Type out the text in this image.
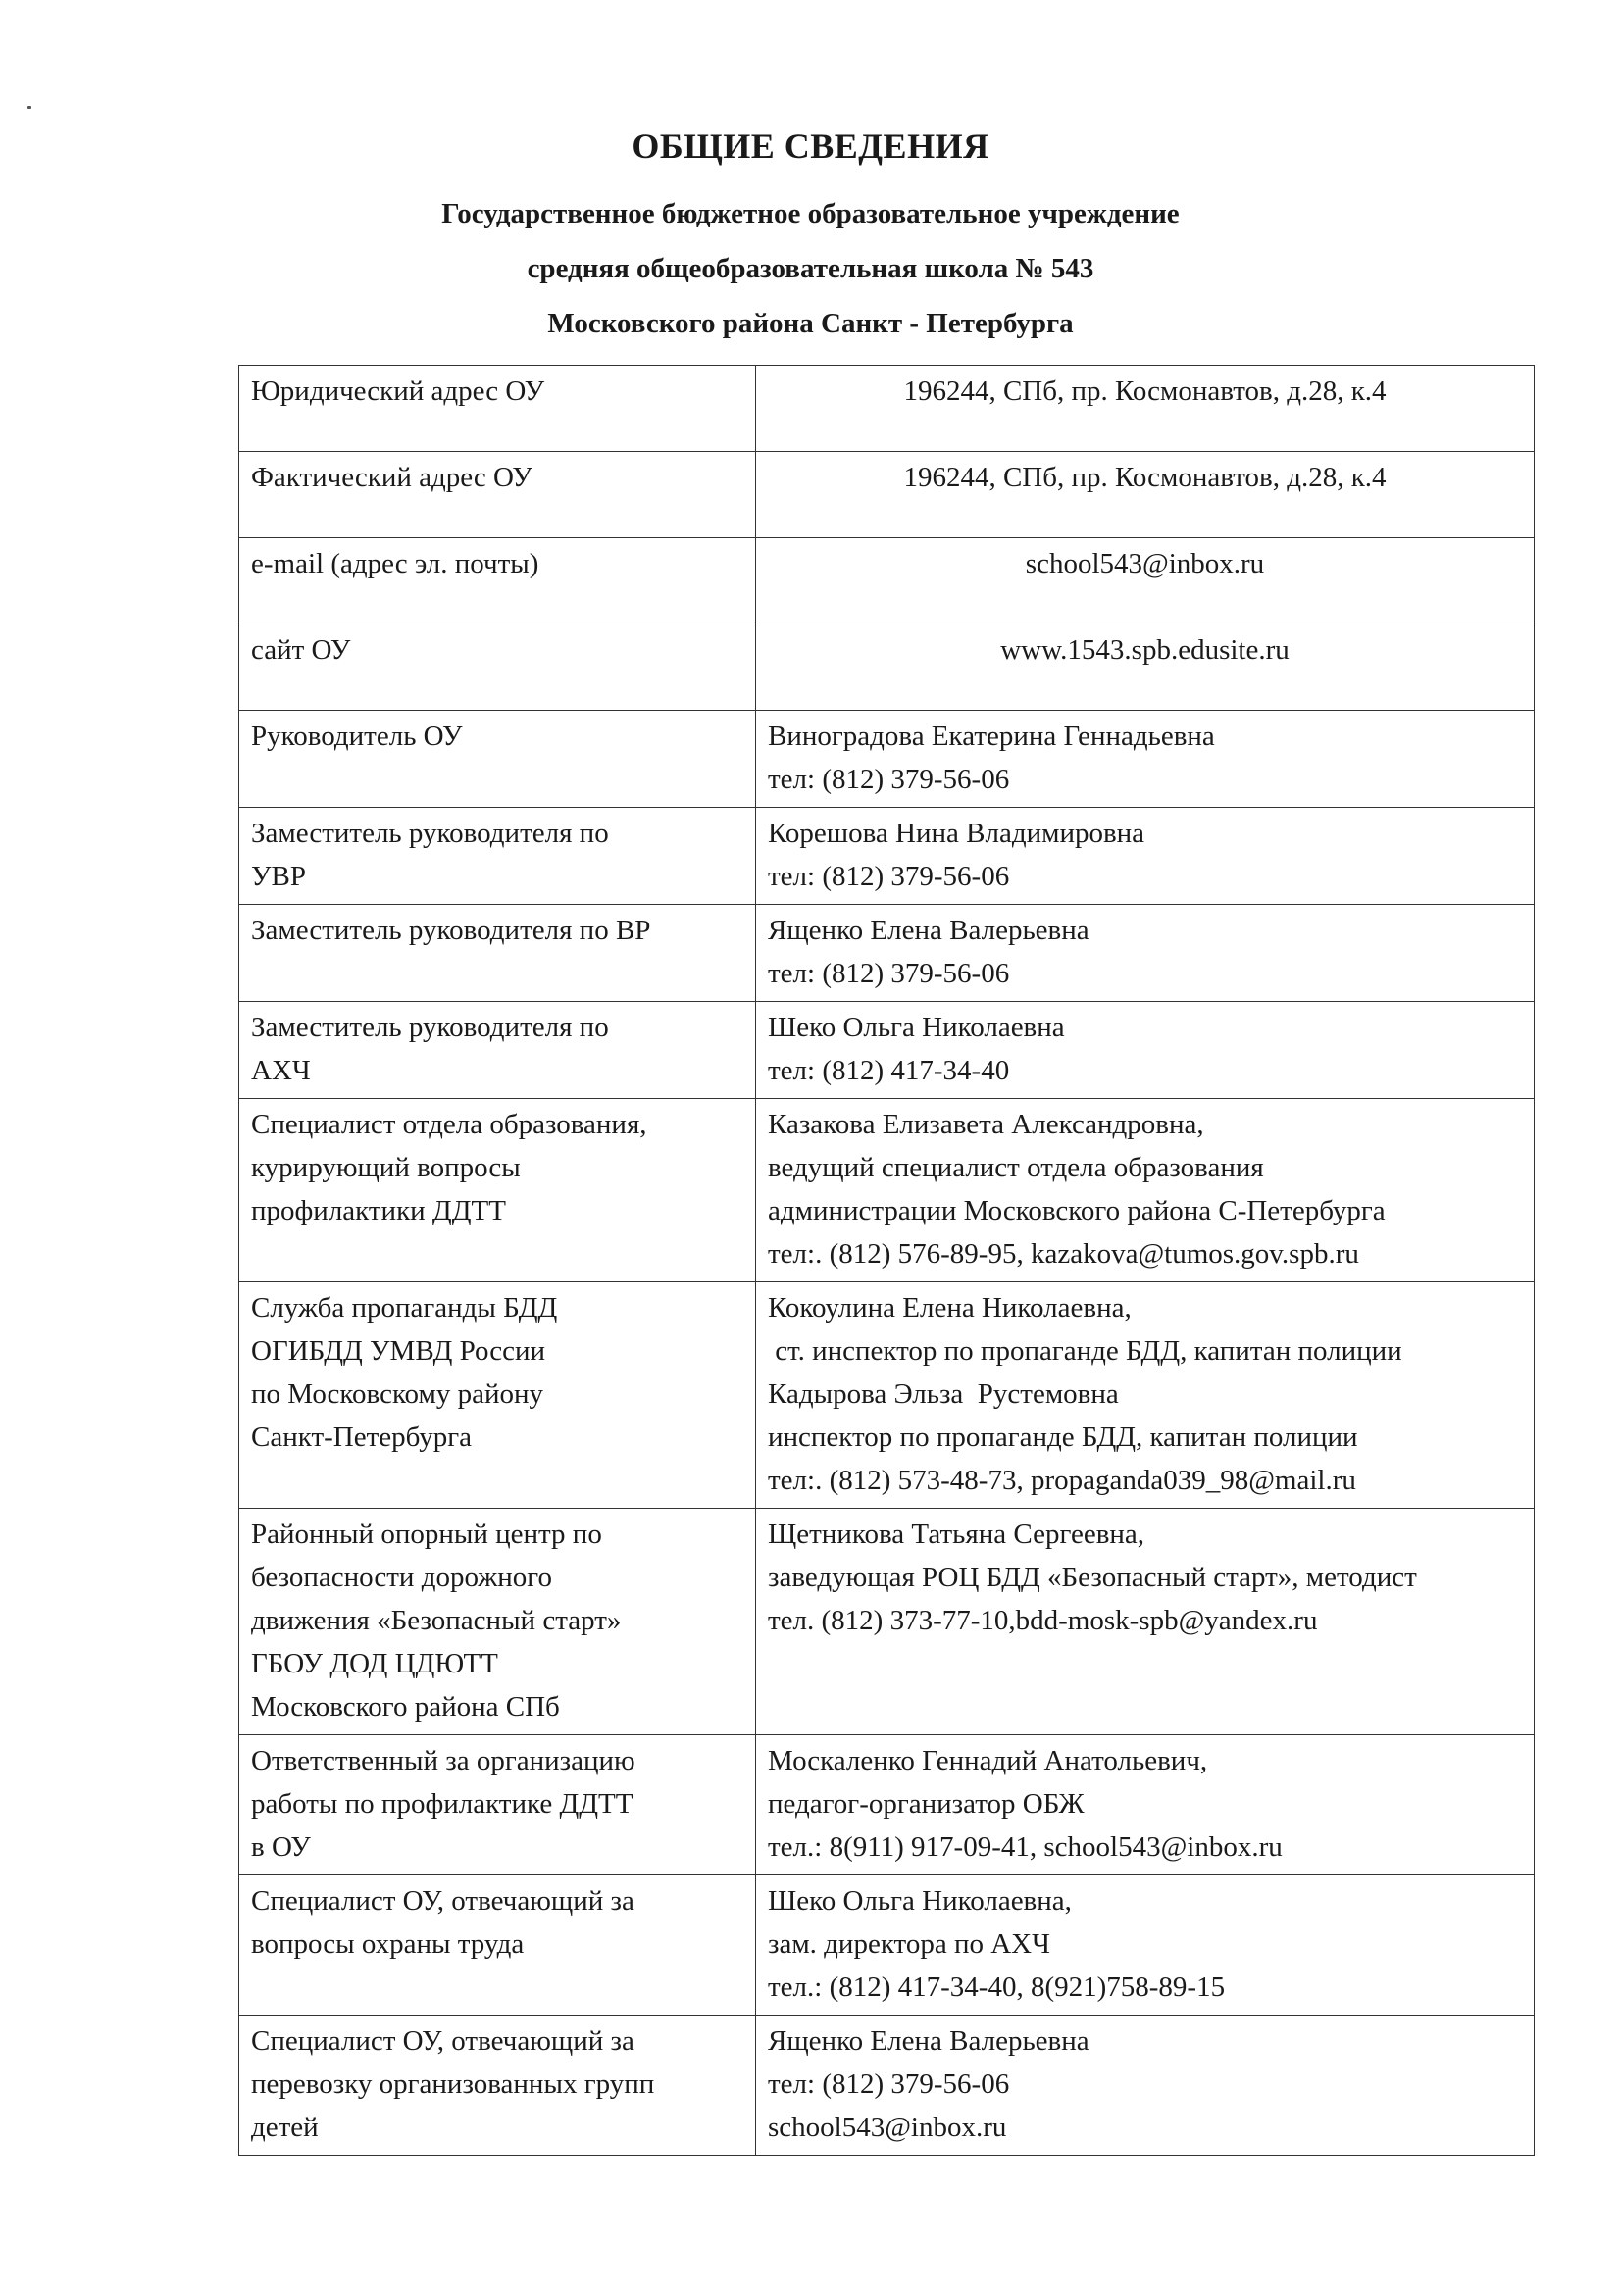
ОБЩИЕ СВЕДЕНИЯ
Государственное бюджетное образовательное учреждение
средняя общеобразовательная школа № 543
Московского района Санкт - Петербурга
Юридический адрес ОУ	196244, СПб, пр. Космонавтов, д.28, к.4

Фактический адрес ОУ	196244, СПб, пр. Космонавтов, д.28, к.4

e-mail (адрес эл. почты)	school543@inbox.ru

сайт ОУ	www.1543.spb.edusite.ru

Руководитель ОУ	Виноградова Екатерина Геннадьевна
тел: (812) 379-56-06

Заместитель руководителя по
УВР	Корешова Нина Владимировна
тел: (812) 379-56-06

Заместитель руководителя по ВР	Ященко Елена Валерьевна
тел: (812) 379-56-06

Заместитель руководителя по
АХЧ	Шеко Ольга Николаевна
тел: (812) 417-34-40

Специалист отдела образования,
курирующий вопросы
профилактики ДДТТ	Казакова Елизавета Александровна,
ведущий специалист отдела образования
администрации Московского района С-Петербурга
тел:. (812) 576-89-95, kazakova@tumos.gov.spb.ru

Служба пропаганды БДД
ОГИБДД УМВД России
по Московскому району
Санкт-Петербурга	Кокоулина Елена Николаевна,
ст. инспектор по пропаганде БДД, капитан полиции
Кадырова Эльза  Рустемовна
инспектор по пропаганде БДД, капитан полиции
тел:. (812) 573-48-73, propaganda039_98@mail.ru

Районный опорный центр по
безопасности дорожного
движения «Безопасный старт»
ГБОУ ДОД ЦДЮТТ
Московского района СПб	Щетникова Татьяна Сергеевна,
заведующая РОЦ БДД «Безопасный старт», методист
тел. (812) 373-77-10,bdd-mosk-spb@yandex.ru

Ответственный за организацию
работы по профилактике ДДТТ
в ОУ	Москаленко Геннадий Анатольевич,
педагог-организатор ОБЖ
тел.: 8(911) 917-09-41, school543@inbox.ru

Специалист ОУ, отвечающий за
вопросы охраны труда	Шеко Ольга Николаевна,
зам. директора по АХЧ
тел.: (812) 417-34-40, 8(921)758-89-15

Специалист ОУ, отвечающий за
перевозку организованных групп
детей	Ященко Елена Валерьевна
тел: (812) 379-56-06
school543@inbox.ru
